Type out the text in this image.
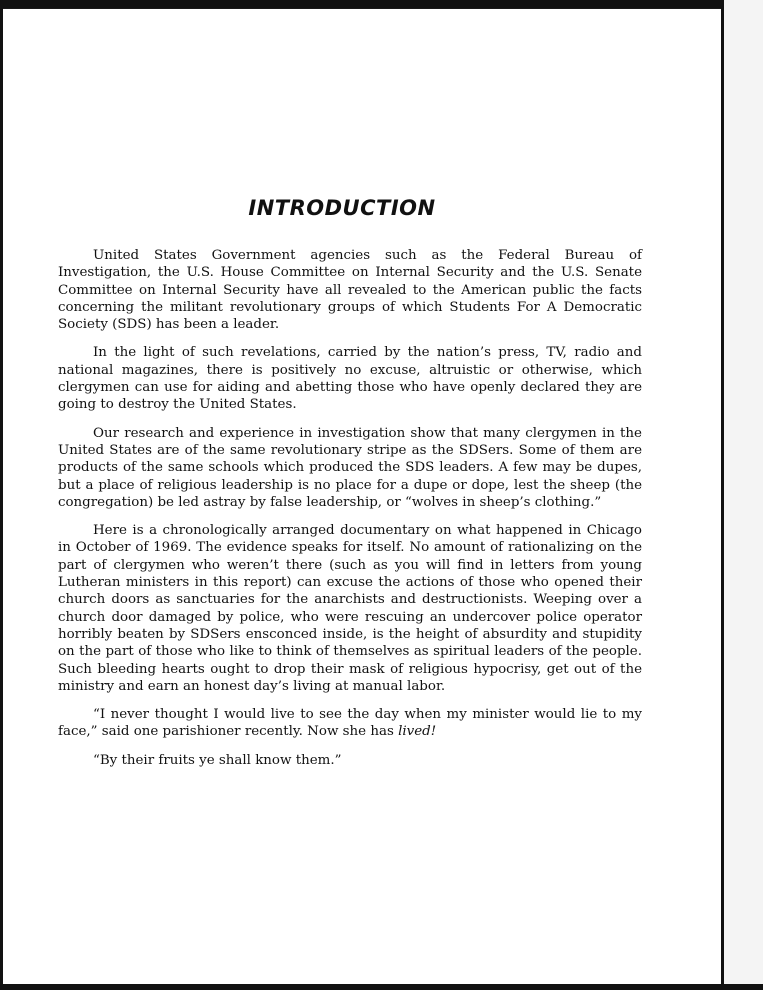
INTRODUCTION

United States Government agencies such as the Federal Bureau of Investigation, the U.S. House Committee on Internal Security and the U.S. Senate Committee on Internal Security have all revealed to the American public the facts concerning the militant revolutionary groups of which Students For A Democratic Society (SDS) has been a leader.

In the light of such revelations, carried by the nation’s press, TV, radio and national magazines, there is positively no excuse, altruistic or otherwise, which clergymen can use for aiding and abetting those who have openly declared they are going to destroy the United States.

Our research and experience in investigation show that many clergymen in the United States are of the same revolutionary stripe as the SDSers. Some of them are products of the same schools which produced the SDS leaders. A few may be dupes, but a place of religious leadership is no place for a dupe or dope, lest the sheep (the congregation) be led astray by false leadership, or “wolves in sheep’s clothing.”

Here is a chronologically arranged documentary on what happened in Chicago in October of 1969. The evidence speaks for itself. No amount of rationalizing on the part of clergymen who weren’t there (such as you will find in letters from young Lutheran ministers in this report) can excuse the actions of those who opened their church doors as sanctuaries for the anarchists and destructionists. Weeping over a church door damaged by police, who were rescuing an undercover police operator horribly beaten by SDSers ensconced inside, is the height of absurdity and stupidity on the part of those who like to think of themselves as spiritual leaders of the people. Such bleeding hearts ought to drop their mask of religious hypocrisy, get out of the ministry and earn an honest day’s living at manual labor.

“I never thought I would live to see the day when my minister would lie to my face,” said one parishioner recently. Now she has lived!

“By their fruits ye shall know them.”
